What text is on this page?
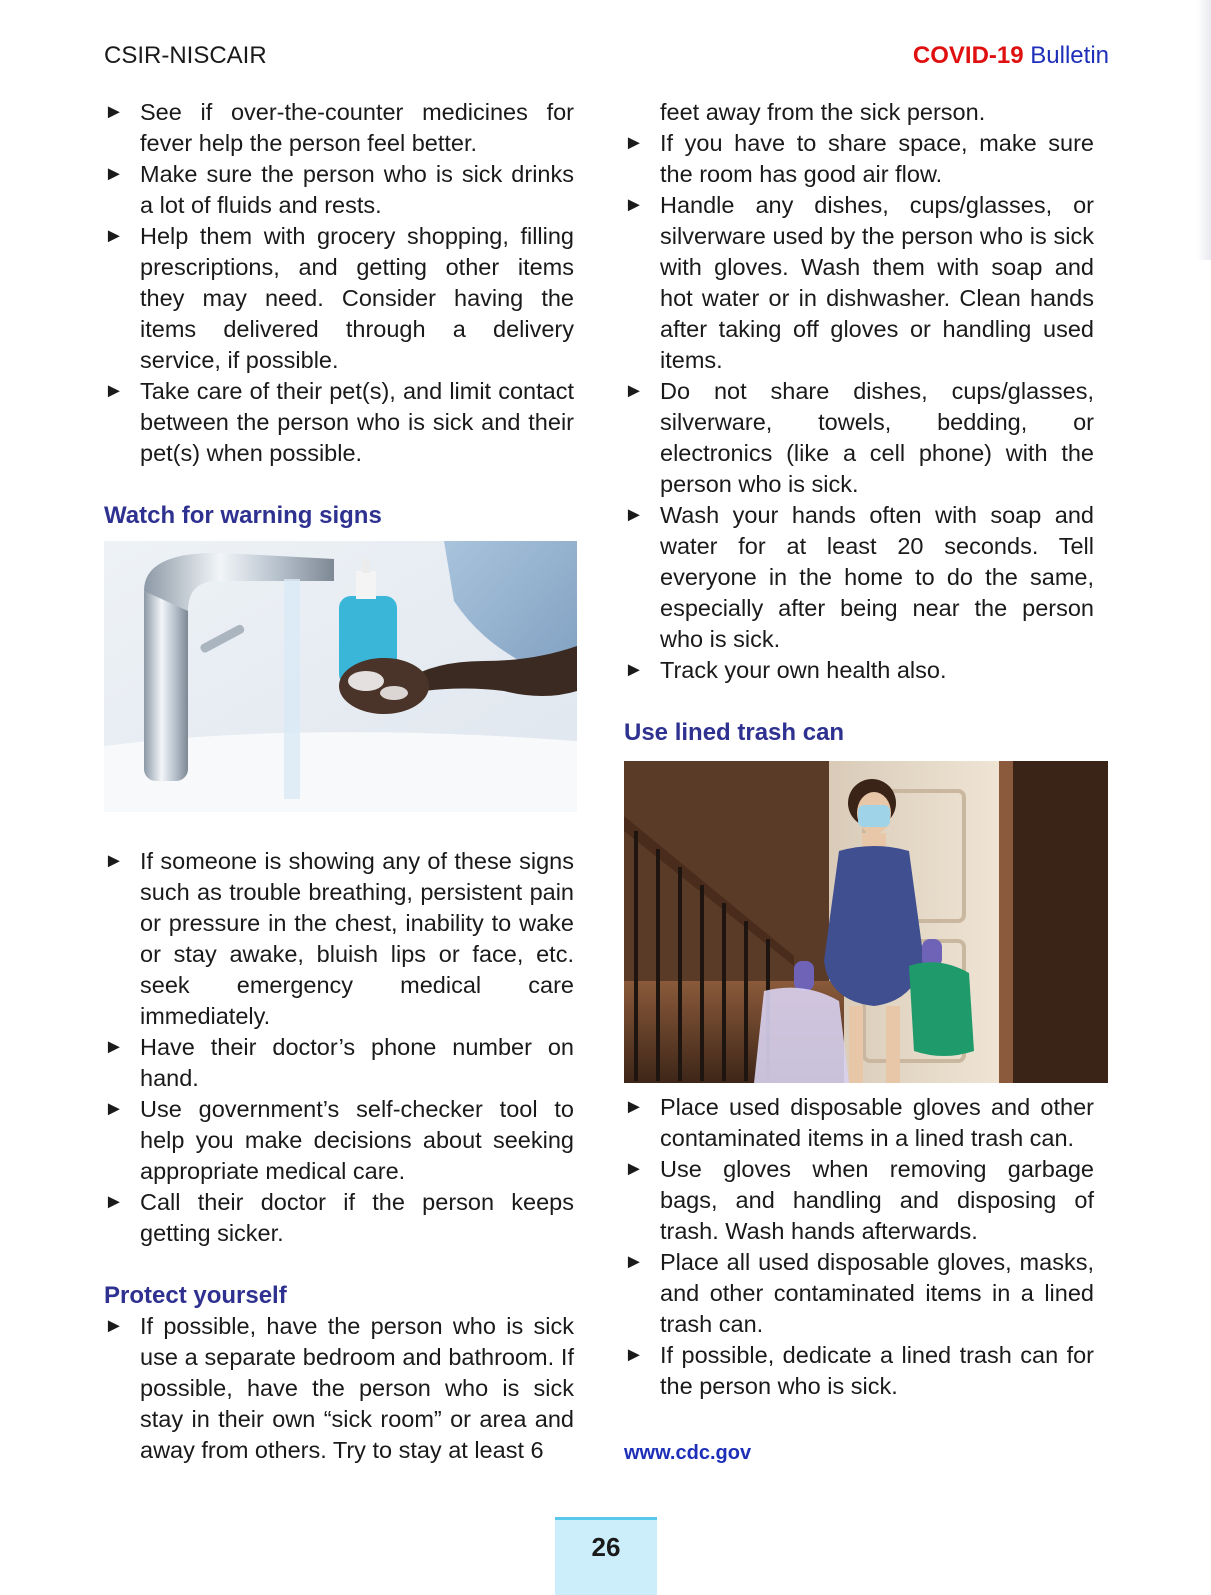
CSIR-NISCAIR	COVID-19 Bulletin
► See if over-the-counter medicines for fever help the person feel better.
► Make sure the person who is sick drinks a lot of fluids and rests.
► Help them with grocery shopping, filling prescriptions, and getting other items they may need. Consider having the items delivered through a delivery service, if possible.
► Take care of their pet(s), and limit contact between the person who is sick and their pet(s) when possible.
Watch for warning signs
► If someone is showing any of these signs such as trouble breathing, persistent pain or pressure in the chest, inability to wake or stay awake, bluish lips or face, etc. seek emergency medical care immediately.
► Have their doctor’s phone number on hand.
► Use government’s self-checker tool to help you make decisions about seeking appropriate medical care.
► Call their doctor if the person keeps getting sicker.
Protect yourself
► If possible, have the person who is sick use a separate bedroom and bathroom. If possible, have the person who is sick stay in their own “sick room” or area and away from others. Try to stay at least 6
feet away from the sick person.
► If you have to share space, make sure the room has good air flow.
► Handle any dishes, cups/glasses, or silverware used by the person who is sick with gloves. Wash them with soap and hot water or in dishwasher. Clean hands after taking off gloves or handling used items.
► Do not share dishes, cups/glasses, silverware, towels, bedding, or electronics (like a cell phone) with the person who is sick.
► Wash your hands often with soap and water for at least 20 seconds. Tell everyone in the home to do the same, especially after being near the person who is sick.
► Track your own health also.
Use lined trash can
► Place used disposable gloves and other contaminated items in a lined trash can.
► Use gloves when removing garbage bags, and handling and disposing of trash. Wash hands afterwards.
► Place all used disposable gloves, masks, and other contaminated items in a lined trash can.
► If possible, dedicate a lined trash can for the person who is sick.
www.cdc.gov
26
